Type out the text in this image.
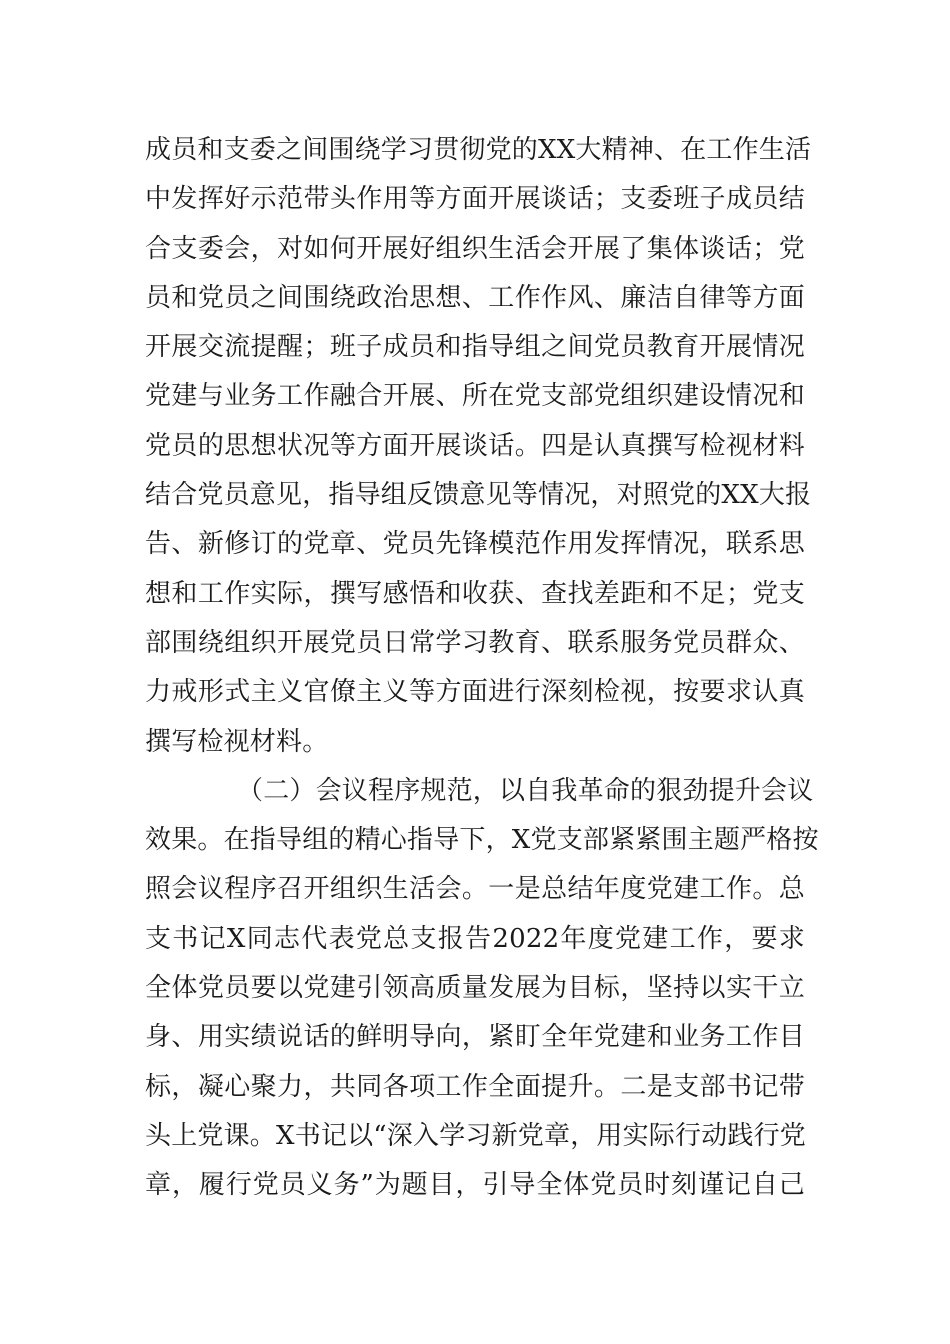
成员和支委之间围绕学习贯彻党的XX大精神、在工作生活
中发挥好示范带头作用等方面开展谈话；支委班子成员结
合支委会，对如何开展好组织生活会开展了集体谈话；党
员和党员之间围绕政治思想、工作作风、廉洁自律等方面
开展交流提醒；班子成员和指导组之间党员教育开展情况
党建与业务工作融合开展、所在党支部党组织建设情况和
党员的思想状况等方面开展谈话。四是认真撰写检视材料
结合党员意见，指导组反馈意见等情况，对照党的XX大报
告、新修订的党章、党员先锋模范作用发挥情况，联系思
想和工作实际，撰写感悟和收获、查找差距和不足；党支
部围绕组织开展党员日常学习教育、联系服务党员群众、
力戒形式主义官僚主义等方面进行深刻检视，按要求认真
撰写检视材料。
（二）会议程序规范，以自我革命的狠劲提升会议
效果。在指导组的精心指导下，X党支部紧紧围主题严格按
照会议程序召开组织生活会。一是总结年度党建工作。总
支书记X同志代表党总支报告2022年度党建工作，要求
全体党员要以党建引领高质量发展为目标，坚持以实干立
身、用实绩说话的鲜明导向，紧盯全年党建和业务工作目
标，凝心聚力，共同各项工作全面提升。二是支部书记带
头上党课。X书记以“深入学习新党章，用实际行动践行党
章，履行党员义务”为题目，引导全体党员时刻谨记自己
